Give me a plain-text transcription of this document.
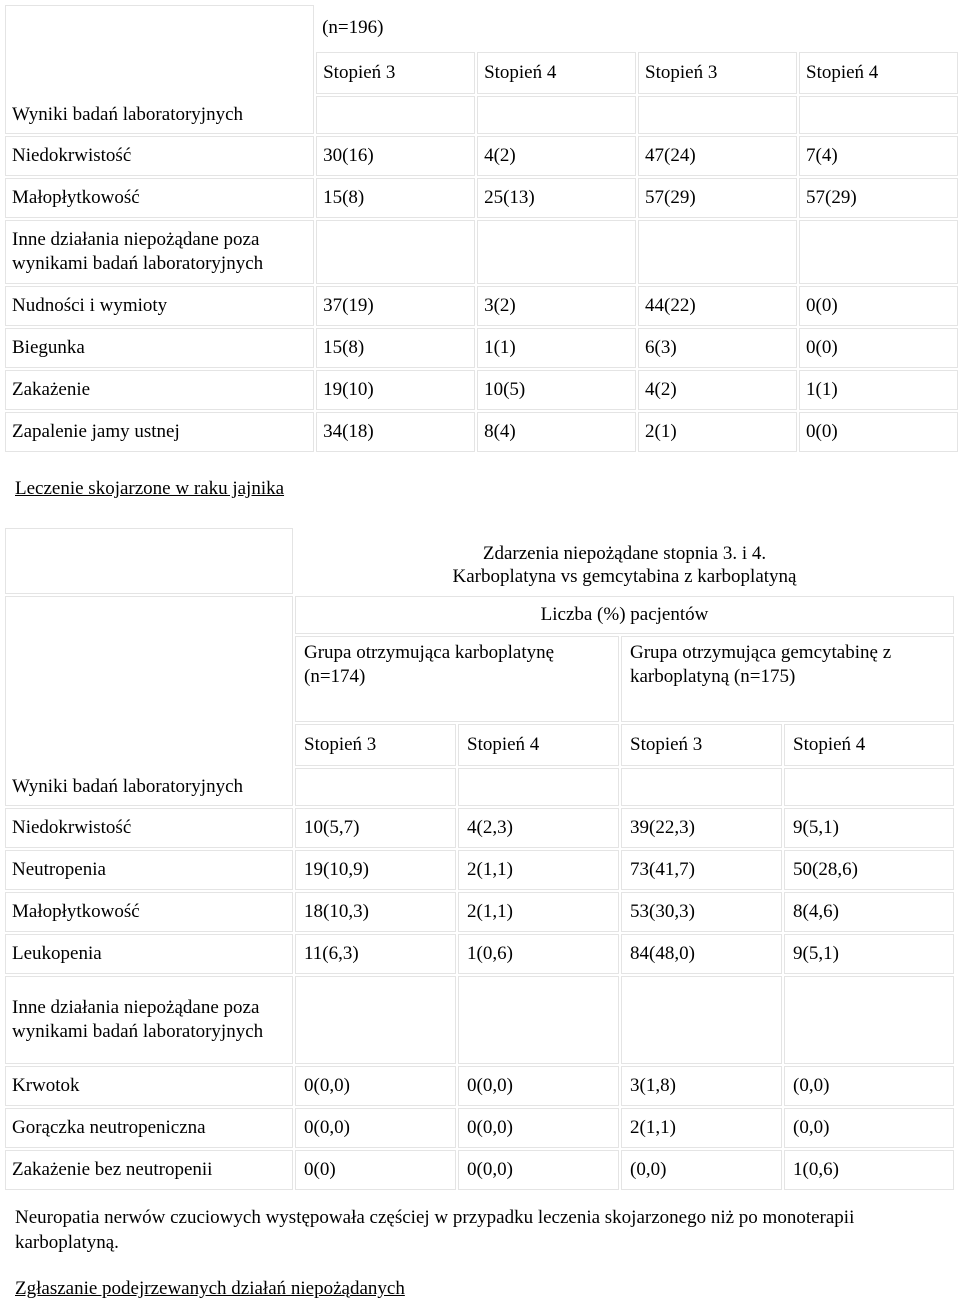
Wyniki badań laboratoryjnych	(n=196)			
	Stopień 3	Stopień 4	Stopień 3	Stopień 4

Niedokrwistość	30(16)	4(2)	47(24)	7(4)
Małopłytkowość	15(8)	25(13)	57(29)	57(29)
Inne działania niepożądane poza wynikami badań laboratoryjnych				
Nudności i wymioty	37(19)	3(2)	44(22)	0(0)
Biegunka	15(8)	1(1)	6(3)	0(0)
Zakażenie	19(10)	10(5)	4(2)	1(1)
Zapalenie jamy ustnej	34(18)	8(4)	2(1)	0(0)
Leczenie skojarzone w raku jajnika

	Zdarzenia niepożądane stopnia 3. i 4.
Karboplatyna vs gemcytabina z karboplatyną			

Wyniki badań laboratoryjnych	Liczba (%) pacjentów			
	Grupa otrzymująca karboplatynę (n=174)		Grupa otrzymująca gemcytabinę z karboplatyną (n=175)	
	Stopień 3	Stopień 4	Stopień 3	Stopień 4

Niedokrwistość	10(5,7)	4(2,3)	39(22,3)	9(5,1)
Neutropenia	19(10,9)	2(1,1)	73(41,7)	50(28,6)
Małopłytkowość	18(10,3)	2(1,1)	53(30,3)	8(4,6)
Leukopenia	11(6,3)	1(0,6)	84(48,0)	9(5,1)
Inne działania niepożądane poza wynikami badań laboratoryjnych				
Krwotok	0(0,0)	0(0,0)	3(1,8)	(0,0)
Gorączka neutropeniczna	0(0,0)	0(0,0)	2(1,1)	(0,0)
Zakażenie bez neutropenii	0(0)	0(0,0)	(0,0)	1(0,6)
Neuropatia nerwów czuciowych występowała częściej w przypadku leczenia skojarzonego niż po monoterapii karboplatyną.
Zgłaszanie podejrzewanych działań niepożądanych
